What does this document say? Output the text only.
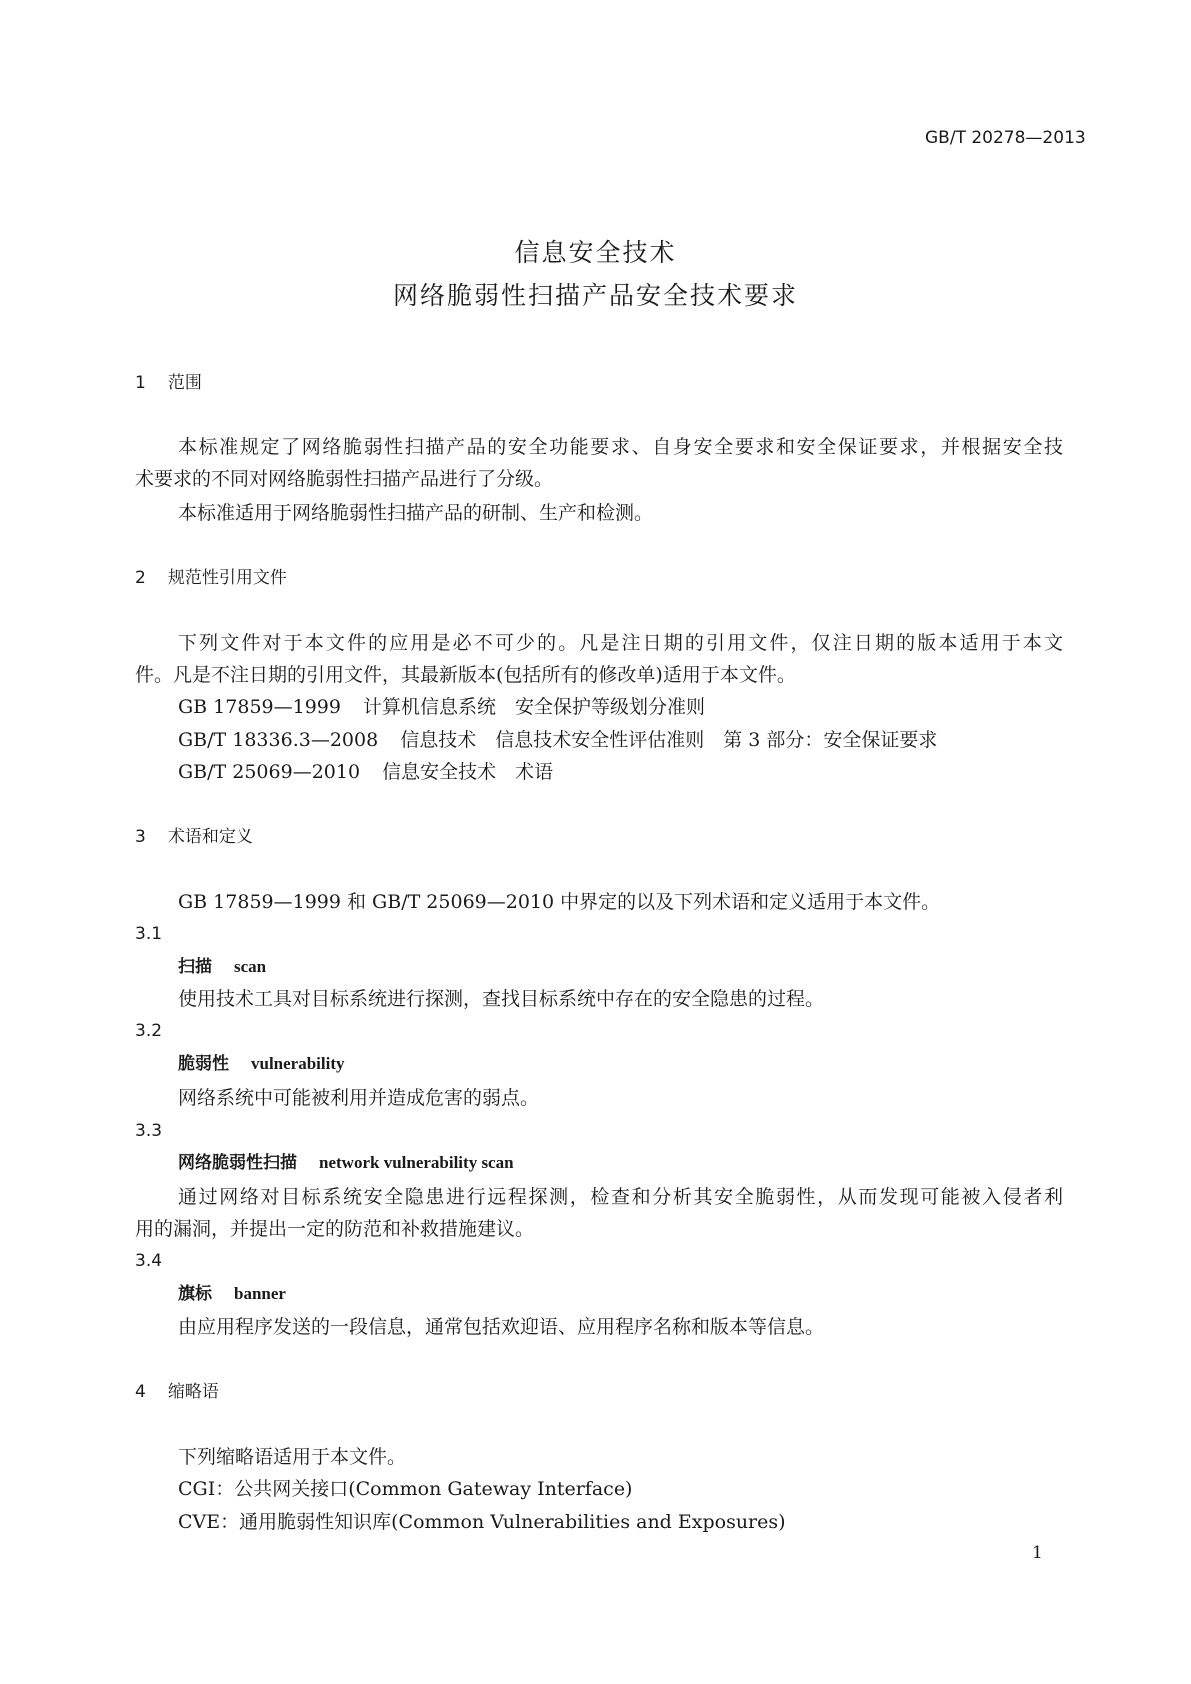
GB/T 20278—2013
信息安全技术
网络脆弱性扫描产品安全技术要求
1 范围
本标准规定了网络脆弱性扫描产品的安全功能要求、自身安全要求和安全保证要求，并根据安全技
术要求的不同对网络脆弱性扫描产品进行了分级。
本标准适用于网络脆弱性扫描产品的研制、生产和检测。
2 规范性引用文件
下列文件对于本文件的应用是必不可少的。凡是注日期的引用文件，仅注日期的版本适用于本文
件。凡是不注日期的引用文件，其最新版本(包括所有的修改单)适用于本文件。
GB 17859—1999 计算机信息系统　安全保护等级划分准则
GB/T 18336.3—2008 信息技术　信息技术安全性评估准则　第 3 部分：安全保证要求
GB/T 25069—2010 信息安全技术　术语
3 术语和定义
GB 17859—1999 和 GB/T 25069—2010 中界定的以及下列术语和定义适用于本文件。
3.1
扫描 scan
使用技术工具对目标系统进行探测，查找目标系统中存在的安全隐患的过程。
3.2
脆弱性 vulnerability
网络系统中可能被利用并造成危害的弱点。
3.3
网络脆弱性扫描 network vulnerability scan
通过网络对目标系统安全隐患进行远程探测，检查和分析其安全脆弱性，从而发现可能被入侵者利
用的漏洞，并提出一定的防范和补救措施建议。
3.4
旗标 banner
由应用程序发送的一段信息，通常包括欢迎语、应用程序名称和版本等信息。
4 缩略语
下列缩略语适用于本文件。
CGI：公共网关接口(Common Gateway Interface)
CVE：通用脆弱性知识库(Common Vulnerabilities and Exposures)
1
